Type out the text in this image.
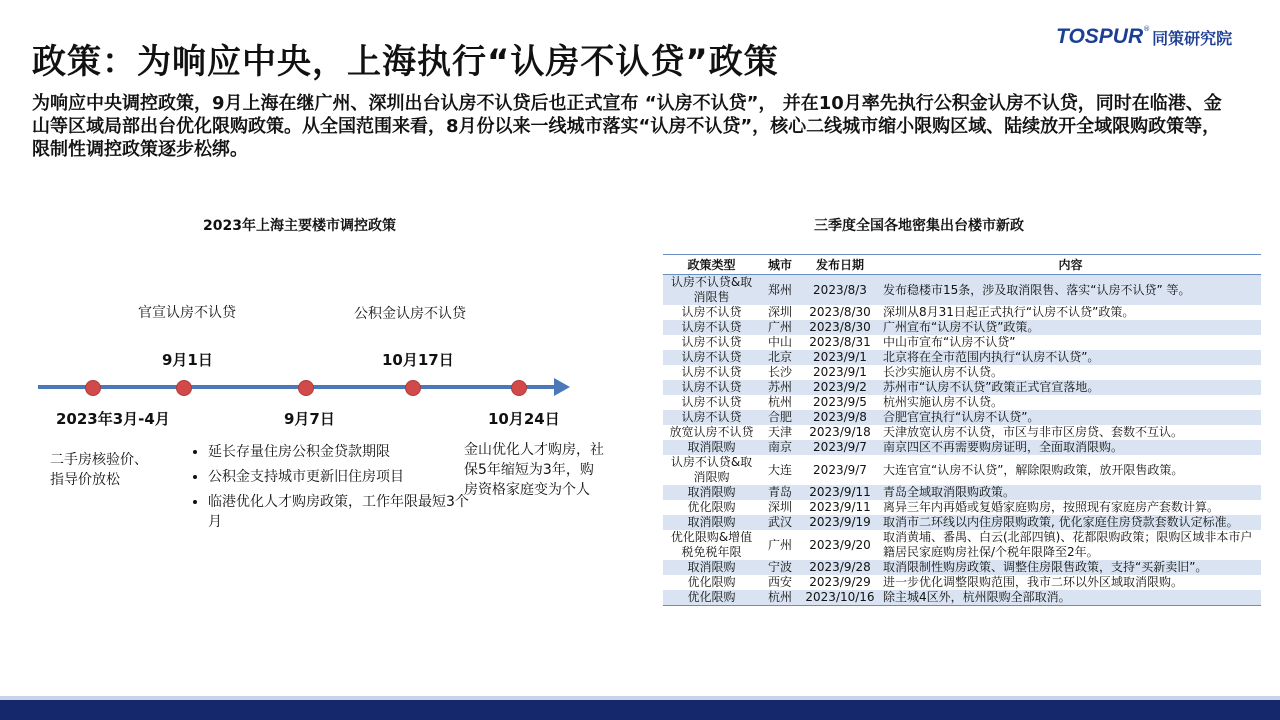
政策：为响应中央，上海执行“认房不认贷”政策
TOSPUR ® 同策研究院
为响应中央调控政策，9月上海在继广州、深圳出台认房不认贷后也正式宣布 “认房不认贷”， 并在10月率先执行公积金认房不认贷，同时在临港、金山等区域局部出台优化限购政策。从全国范围来看，8月份以来一线城市落实“认房不认贷”，核心二线城市缩小限购区域、陆续放开全域限购政策等，限制性调控政策逐步松绑。
2023年上海主要楼市调控政策
官宣认房不认贷	公积金认房不认贷
9月1日	10月17日
2023年3月-4月	9月7日	10月24日
二手房核验价、
指导价放松
• 延长存量住房公积金贷款期限
• 公积金支持城市更新旧住房项目
• 临港优化人才购房政策，工作年限最短3个月
金山优化人才购房，社
保5年缩短为3年，购
房资格家庭变为个人
三季度全国各地密集出台楼市新政
政策类型	城市	发布日期	内容
认房不认贷&取消限售	郑州	2023/8/3	发布稳楼市15条，涉及取消限售、落实“认房不认贷” 等。
认房不认贷	深圳	2023/8/30	深圳从8月31日起正式执行“认房不认贷”政策。
认房不认贷	广州	2023/8/30	广州宣布“认房不认贷”政策。
认房不认贷	中山	2023/8/31	中山市宣布“认房不认贷”
认房不认贷	北京	2023/9/1	北京将在全市范围内执行“认房不认贷”。
认房不认贷	长沙	2023/9/1	长沙实施认房不认贷。
认房不认贷	苏州	2023/9/2	苏州市“认房不认贷”政策正式官宣落地。
认房不认贷	杭州	2023/9/5	杭州实施认房不认贷。
认房不认贷	合肥	2023/9/8	合肥官宣执行“认房不认贷”。
放宽认房不认贷	天津	2023/9/18	天津放宽认房不认贷，市区与非市区房贷、套数不互认。
取消限购	南京	2023/9/7	南京四区不再需要购房证明，全面取消限购。
认房不认贷&取消限购	大连	2023/9/7	大连官宣“认房不认贷”，解除限购政策，放开限售政策。
取消限购	青岛	2023/9/11	青岛全域取消限购政策。
优化限购	深圳	2023/9/11	离异三年内再婚或复婚家庭购房，按照现有家庭房产套数计算。
取消限购	武汉	2023/9/19	取消市二环线以内住房限购政策, 优化家庭住房贷款套数认定标准。
优化限购&增值税免税年限	广州	2023/9/20	取消黄埔、番禺、白云(北部四镇)、花都限购政策；限购区域非本市户籍居民家庭购房社保/个税年限降至2年。
取消限购	宁波	2023/9/28	取消限制性购房政策、调整住房限售政策，支持“买新卖旧”。
优化限购	西安	2023/9/29	进一步优化调整限购范围，我市二环以外区域取消限购。
优化限购	杭州	2023/10/16	除主城4区外，杭州限购全部取消。
